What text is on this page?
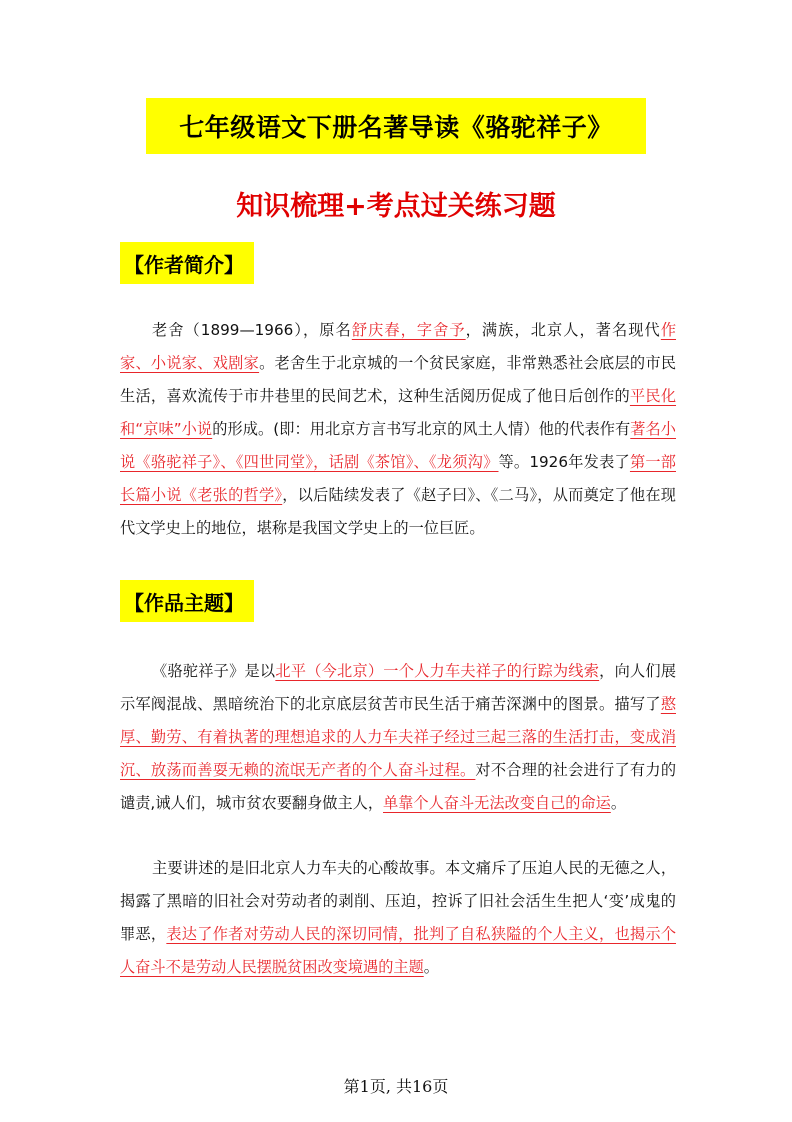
七年级语文下册名著导读《骆驼祥子》
知识梳理+考点过关练习题
【作者简介】
老舍（1899—1966），原名舒庆春，字舍予，满族，北京人，著名现代作家、小说家、戏剧家。老舍生于北京城的一个贫民家庭，非常熟悉社会底层的市民生活，喜欢流传于市井巷里的民间艺术，这种生活阅历促成了他日后创作的平民化和“京味”小说的形成。(即：用北京方言书写北京的风土人情）他的代表作有著名小说《骆驼祥子》、《四世同堂》，话剧《茶馆》、《龙须沟》等。1926年发表了第一部长篇小说《老张的哲学》，以后陆续发表了《赵子曰》、《二马》，从而奠定了他在现代文学史上的地位，堪称是我国文学史上的一位巨匠。
【作品主题】
《骆驼祥子》是以北平（今北京）一个人力车夫祥子的行踪为线索，向人们展示军阀混战、黑暗统治下的北京底层贫苦市民生活于痛苦深渊中的图景。描写了憨厚、勤劳、有着执著的理想追求的人力车夫祥子经过三起三落的生活打击，变成消沉、放荡而善耍无赖的流氓无产者的个人奋斗过程。对不合理的社会进行了有力的谴责,诫人们，城市贫农要翻身做主人，单靠个人奋斗无法改变自己的命运。
主要讲述的是旧北京人力车夫的心酸故事。本文痛斥了压迫人民的无德之人，揭露了黑暗的旧社会对劳动者的剥削、压迫，控诉了旧社会活生生把人‘变’成鬼的罪恶，表达了作者对劳动人民的深切同情，批判了自私狭隘的个人主义，也揭示个人奋斗不是劳动人民摆脱贫困改变境遇的主题。
第1页, 共16页
